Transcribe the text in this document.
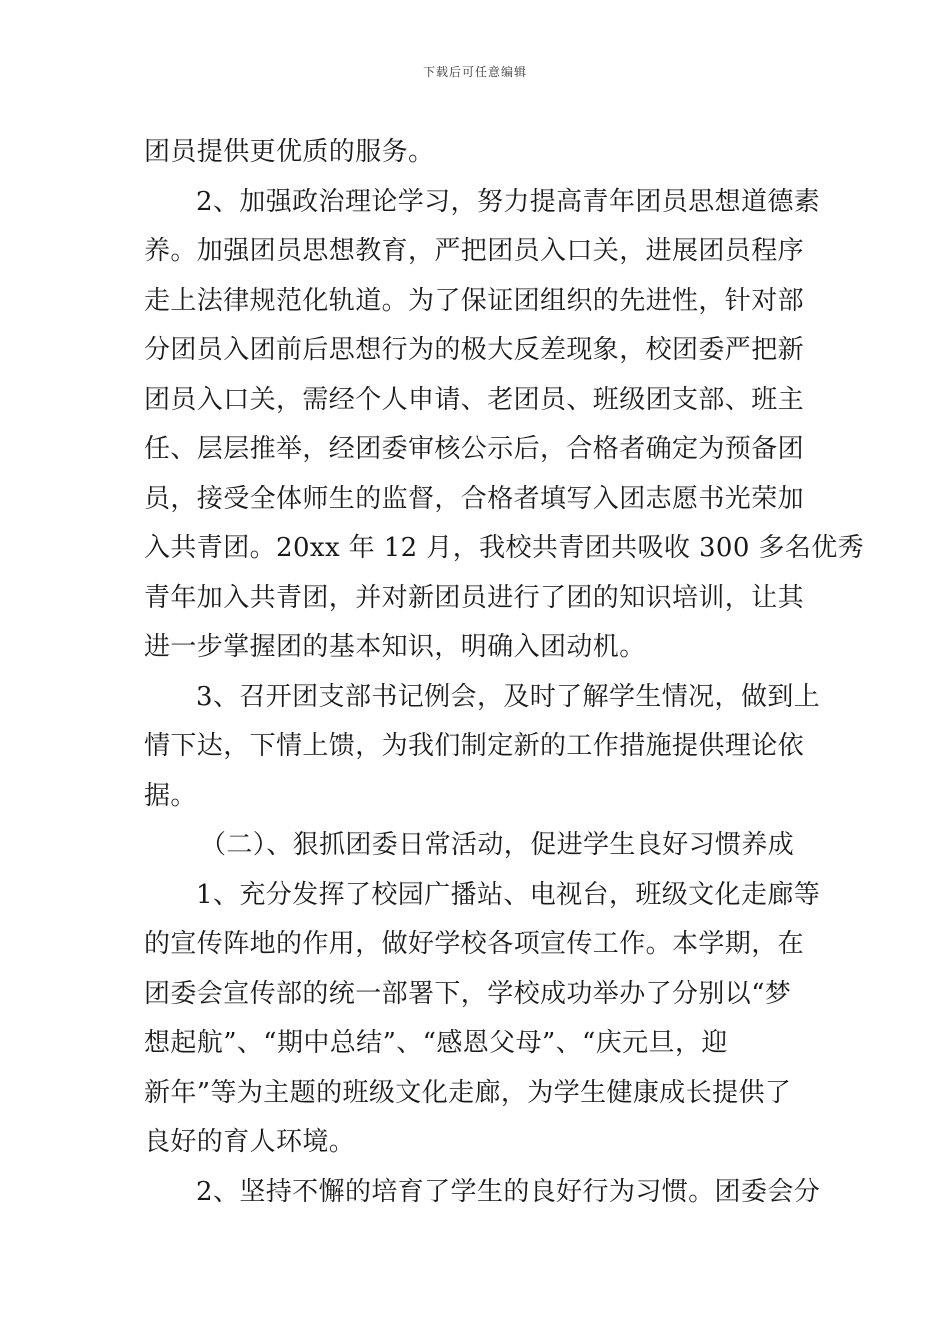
下载后可任意编辑
团员提供更优质的服务。
2、加强政治理论学习，努力提高青年团员思想道德素
养。加强团员思想教育，严把团员入口关，进展团员程序
走上法律规范化轨道。为了保证团组织的先进性，针对部
分团员入团前后思想行为的极大反差现象，校团委严把新
团员入口关，需经个人申请、老团员、班级团支部、班主
任、层层推举，经团委审核公示后，合格者确定为预备团
员，接受全体师生的监督，合格者填写入团志愿书光荣加
入共青团。20xx 年 12 月，我校共青团共吸收 300 多名优秀
青年加入共青团，并对新团员进行了团的知识培训，让其
进一步掌握团的基本知识，明确入团动机。
3、召开团支部书记例会，及时了解学生情况，做到上
情下达，下情上馈，为我们制定新的工作措施提供理论依
据。
（二）、狠抓团委日常活动，促进学生良好习惯养成
1、充分发挥了校园广播站、电视台，班级文化走廊等
的宣传阵地的作用，做好学校各项宣传工作。本学期，在
团委会宣传部的统一部署下，学校成功举办了分别以“梦
想起航”、“期中总结”、“感恩父母”、“庆元旦，迎
新年”等为主题的班级文化走廊，为学生健康成长提供了
良好的育人环境。
2、坚持不懈的培育了学生的良好行为习惯。团委会分
